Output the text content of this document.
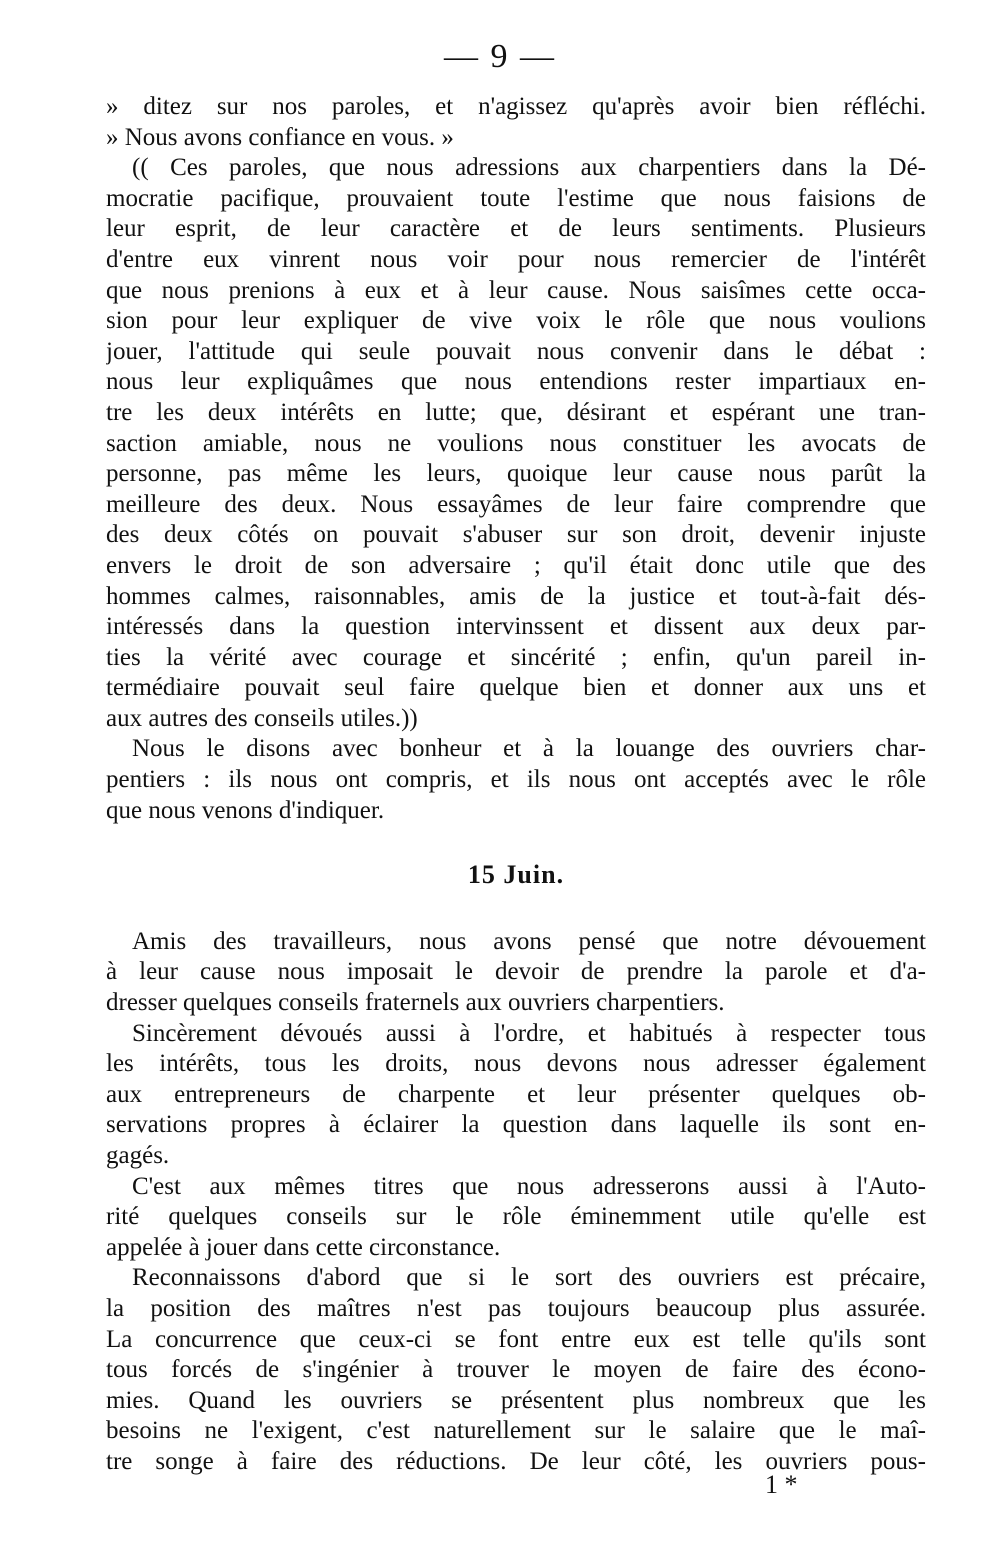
— 9 —
» ditez sur nos paroles, et n'agissez qu'après avoir bien réfléchi.
» Nous avons confiance en vous. »
(( Ces paroles, que nous adressions aux charpentiers dans la Dé-
mocratie pacifique, prouvaient toute l'estime que nous faisions de
leur esprit, de leur caractère et de leurs sentiments. Plusieurs
d'entre eux vinrent nous voir pour nous remercier de l'intérêt
que nous prenions à eux et à leur cause. Nous saisîmes cette occa-
sion pour leur expliquer de vive voix le rôle que nous voulions
jouer, l'attitude qui seule pouvait nous convenir dans le débat :
nous leur expliquâmes que nous entendions rester impartiaux en-
tre les deux intérêts en lutte; que, désirant et espérant une tran-
saction amiable, nous ne voulions nous constituer les avocats de
personne, pas même les leurs, quoique leur cause nous parût la
meilleure des deux. Nous essayâmes de leur faire comprendre que
des deux côtés on pouvait s'abuser sur son droit, devenir injuste
envers le droit de son adversaire ; qu'il était donc utile que des
hommes calmes, raisonnables, amis de la justice et tout-à-fait dés-
intéressés dans la question intervinssent et dissent aux deux par-
ties la vérité avec courage et sincérité ; enfin, qu'un pareil in-
termédiaire pouvait seul faire quelque bien et donner aux uns et
aux autres des conseils utiles.))
Nous le disons avec bonheur et à la louange des ouvriers char-
pentiers : ils nous ont compris, et ils nous ont acceptés avec le rôle
que nous venons d'indiquer.
15 Juin.
Amis des travailleurs, nous avons pensé que notre dévouement
à leur cause nous imposait le devoir de prendre la parole et d'a-
dresser quelques conseils fraternels aux ouvriers charpentiers.
Sincèrement dévoués aussi à l'ordre, et habitués à respecter tous
les intérêts, tous les droits, nous devons nous adresser également
aux entrepreneurs de charpente et leur présenter quelques ob-
servations propres à éclairer la question dans laquelle ils sont en-
gagés.
C'est aux mêmes titres que nous adresserons aussi à l'Auto-
rité quelques conseils sur le rôle éminemment utile qu'elle est
appelée à jouer dans cette circonstance.
Reconnaissons d'abord que si le sort des ouvriers est précaire,
la position des maîtres n'est pas toujours beaucoup plus assurée.
La concurrence que ceux-ci se font entre eux est telle qu'ils sont
tous forcés de s'ingénier à trouver le moyen de faire des écono-
mies. Quand les ouvriers se présentent plus nombreux que les
besoins ne l'exigent, c'est naturellement sur le salaire que le maî-
tre songe à faire des réductions. De leur côté, les ouvriers pous-
1 *
